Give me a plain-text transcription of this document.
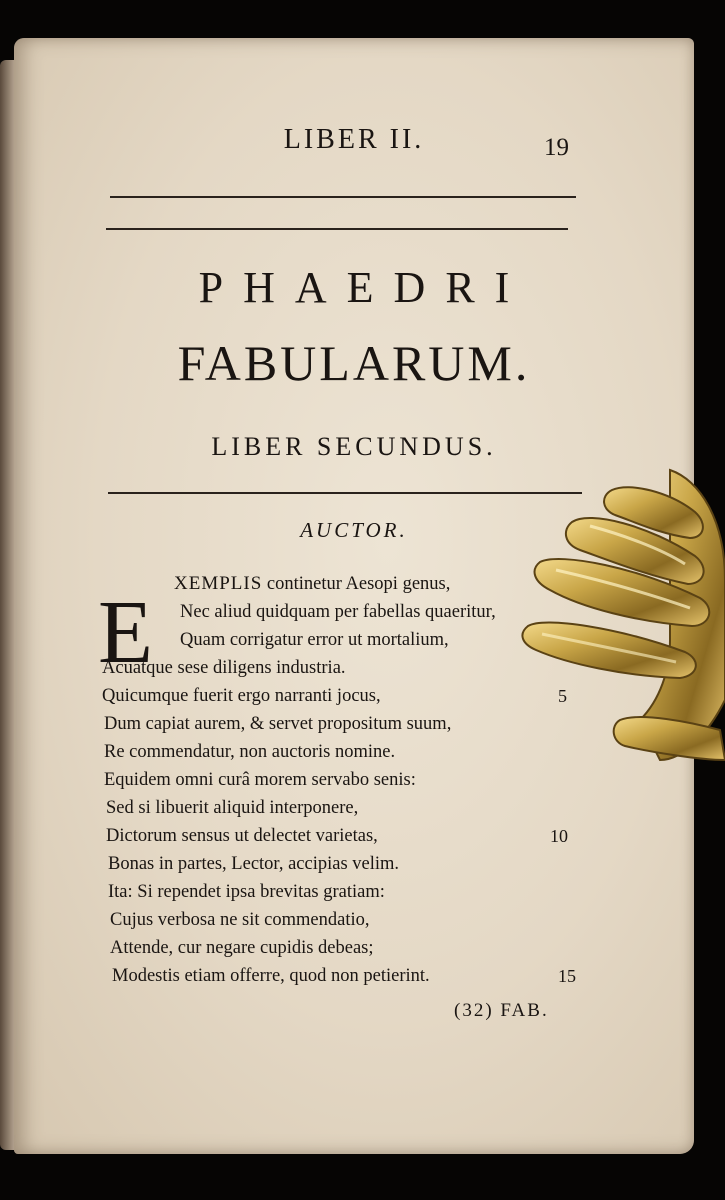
LIBER II.	19
PHAEDRI
FABULARUM.
LIBER SECUNDUS.
AUCTOR.
E XEMPLIS continetur Aesopi genus,
Nec aliud quidquam per fabellas quaeritur,
Quam corrigatur error ut mortalium,
Acuatque sese diligens industria.
Quicumque fuerit ergo narranti jocus,	5
Dum capiat aurem, & servet propositum suum,
Re commendatur, non auctoris nomine.
Equidem omni curâ morem servabo senis:
Sed si libuerit aliquid interponere,
Dictorum sensus ut delectet varietas,	10
Bonas in partes, Lector, accipias velim.
Ita: Si rependet ipsa brevitas gratiam:
Cujus verbosa ne sit commendatio,
Attende, cur negare cupidis debeas;
Modestis etiam offerre, quod non petierint.	15
(32) FAB.
